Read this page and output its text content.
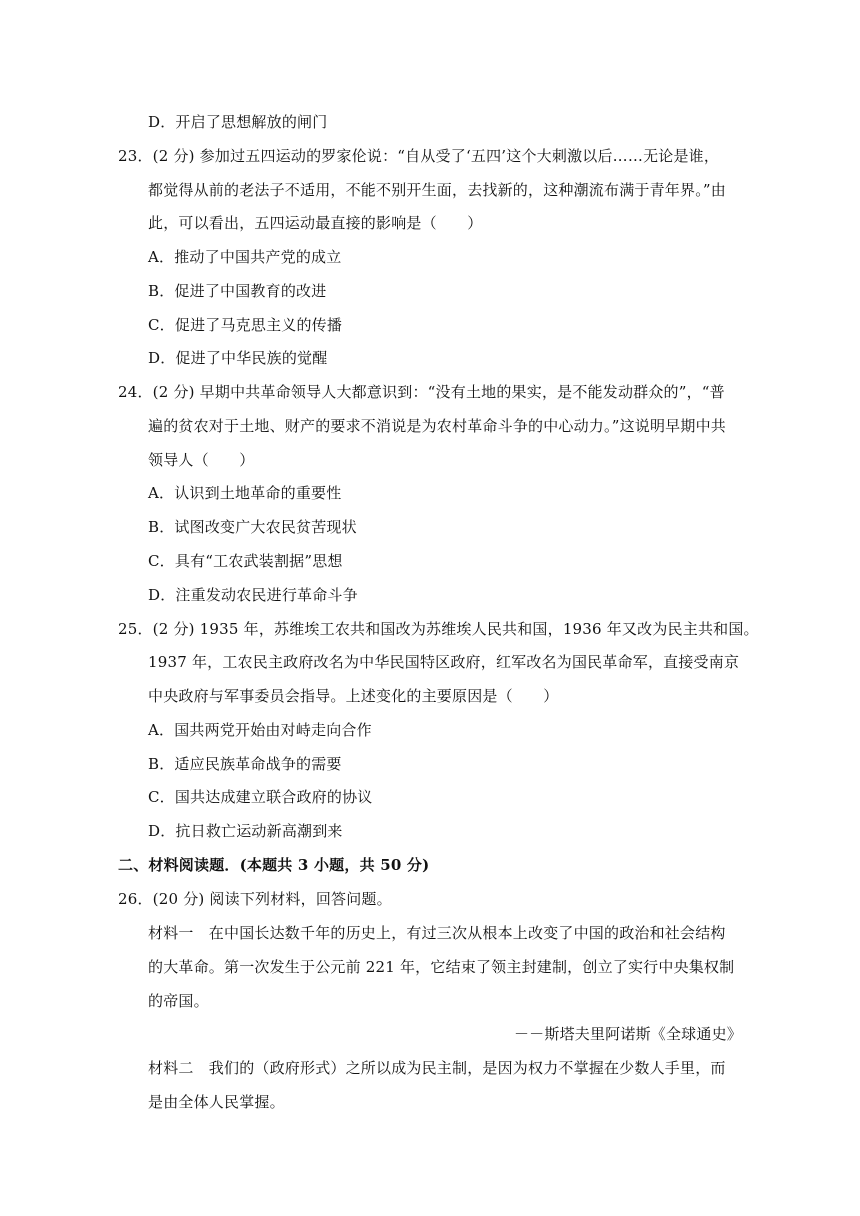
D．开启了思想解放的闸门
23．(2 分) 参加过五四运动的罗家伦说：“自从受了‘五四’这个大刺激以后……无论是谁，
都觉得从前的老法子不适用，不能不别开生面，去找新的，这种潮流布满于青年界。”由
此，可以看出，五四运动最直接的影响是（　　）
A．推动了中国共产党的成立
B．促进了中国教育的改进
C．促进了马克思主义的传播
D．促进了中华民族的觉醒
24．(2 分) 早期中共革命领导人大都意识到：“没有土地的果实，是不能发动群众的”，“普
遍的贫农对于土地、财产的要求不消说是为农村革命斗争的中心动力。”这说明早期中共
领导人（　　）
A．认识到土地革命的重要性
B．试图改变广大农民贫苦现状
C．具有“工农武装割据”思想
D．注重发动农民进行革命斗争
25．(2 分) 1935 年，苏维埃工农共和国改为苏维埃人民共和国，1936 年又改为民主共和国。
1937 年，工农民主政府改名为中华民国特区政府，红军改名为国民革命军，直接受南京
中央政府与军事委员会指导。上述变化的主要原因是（　　）
A．国共两党开始由对峙走向合作
B．适应民族革命战争的需要
C．国共达成建立联合政府的协议
D．抗日救亡运动新高潮到来
二、材料阅读题．(本题共 3 小题，共 50 分)
26．(20 分) 阅读下列材料，回答问题。
材料一　在中国长达数千年的历史上，有过三次从根本上改变了中国的政治和社会结构
的大革命。第一次发生于公元前 221 年，它结束了领主封建制，创立了实行中央集权制
的帝国。
－－斯塔夫里阿诺斯《全球通史》
材料二　我们的（政府形式）之所以成为民主制，是因为权力不掌握在少数人手里，而
是由全体人民掌握。
